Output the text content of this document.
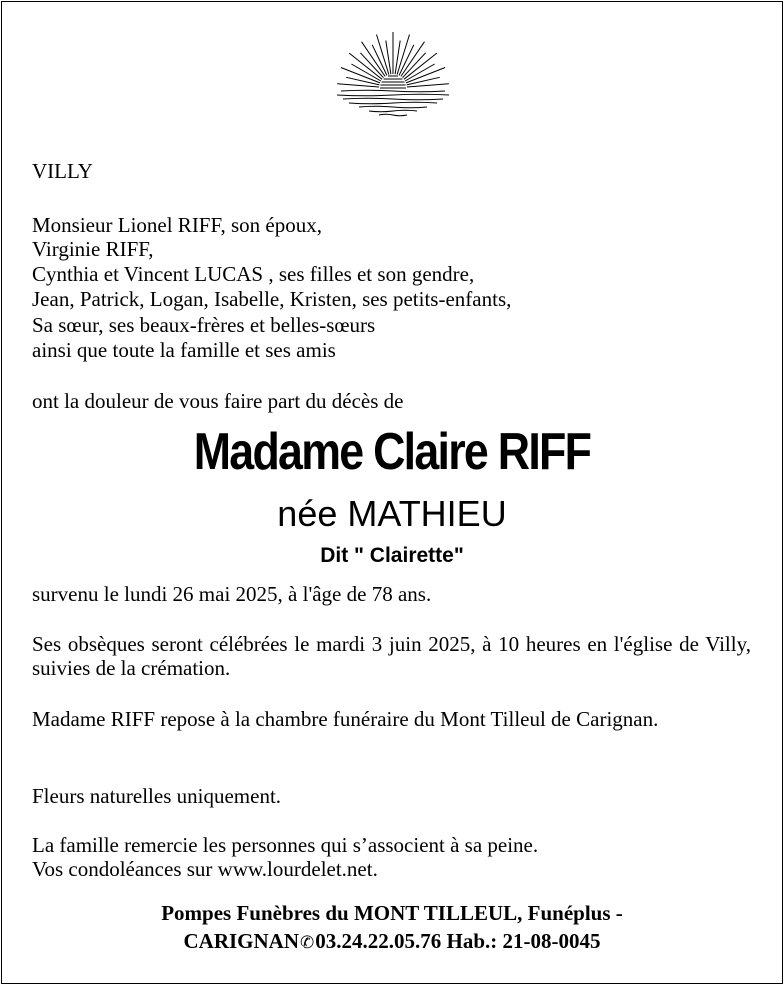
VILLY
Monsieur Lionel RIFF, son époux,
Virginie RIFF,
Cynthia et Vincent LUCAS , ses filles et son gendre,
Jean, Patrick, Logan, Isabelle, Kristen, ses petits-enfants,
Sa sœur, ses beaux-frères et belles-sœurs
ainsi que toute la famille et ses amis
ont la douleur de vous faire part du décès de
Madame Claire RIFF
née MATHIEU
Dit " Clairette"
survenu le lundi 26 mai 2025, à l'âge de 78 ans.
Ses obsèques seront célébrées le mardi 3 juin 2025, à 10 heures en l'église de Villy, suivies de la crémation.
Madame RIFF repose à la chambre funéraire du Mont Tilleul de Carignan.
Fleurs naturelles uniquement.
La famille remercie les personnes qui s’associent à sa peine.
Vos condoléances sur www.lourdelet.net.
Pompes Funèbres du MONT TILLEUL, Funéplus -
CARIGNAN✆03.24.22.05.76 Hab.: 21-08-0045
